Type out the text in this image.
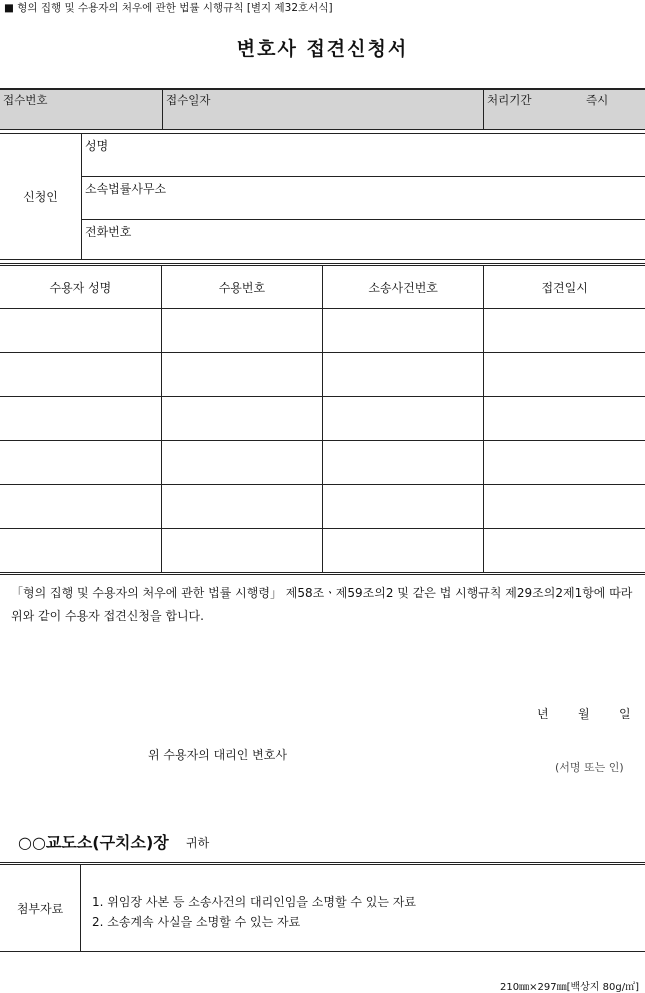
■ 형의 집행 및 수용자의 처우에 관한 법률 시행규칙 [별지 제32호서식]
변호사 접견신청서
접수번호	접수일자	처리기간	즉시
신청인
성명
소속법률사무소
전화번호
수용자 성명	수용번호	소송사건번호	접견일시

「형의 집행 및 수용자의 처우에 관한 법률 시행령」 제58조ㆍ제59조의2 및 같은 법 시행규칙 제29조의2제1항에 따라 위와 같이 수용자 접견신청을 합니다.
년 월 일
위 수용자의 대리인 변호사
(서명 또는 인)
○○교도소(구치소)장 귀하
첨부자료	1. 위임장 사본 등 소송사건의 대리인임을 소명할 수 있는 자료
2. 소송계속 사실을 소명할 수 있는 자료
210㎜×297㎜[백상지 80g/㎡]
